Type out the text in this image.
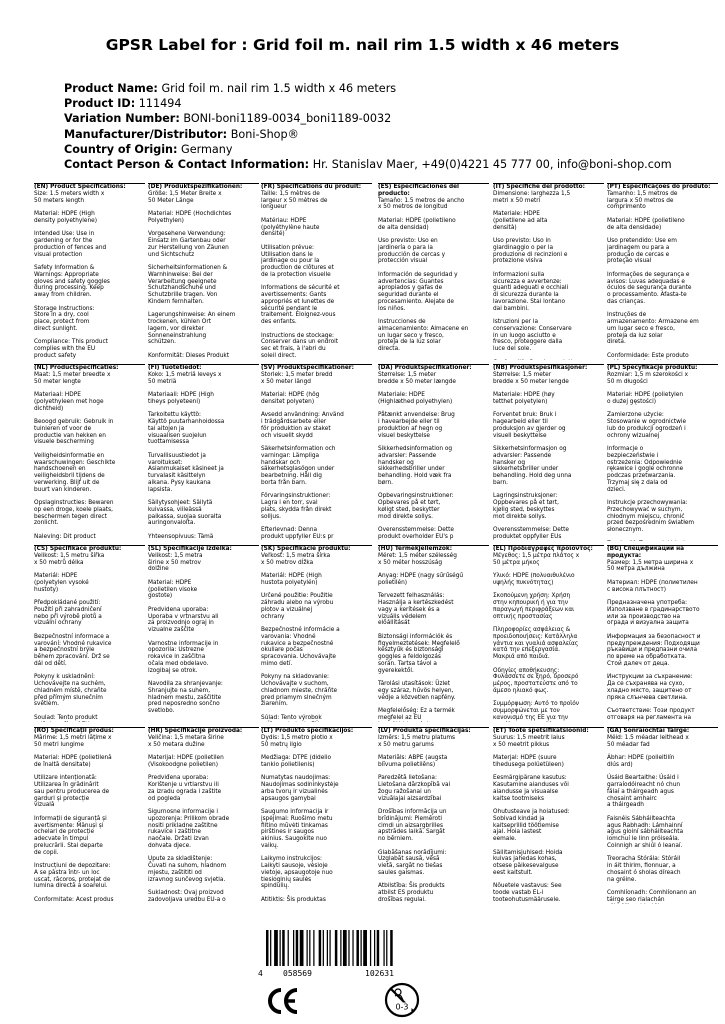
GPSR Label for : Grid foil m. nail rim 1.5 width x 46 meters
Product Name: Grid foil m. nail rim 1.5 width x 46 meters
Product ID: 111494
Variation Number: BONI-boni1189-0034_boni1189-0032
Manufacturer/Distributor: Boni-Shop®
Country of Origin: Germany
Contact Person & Contact Information: Hr. Stanislav Maer, +49(0)4221 45 777 00, info@boni-shop.com
(EN) Product Specifications:

Size: 1.5 meters width x
50 meters length

Material: HDPE (High
density polyethylene)

Intended Use: Use in
gardening or for the
production of fences and
visual protection

Safety Information &
Warnings: Appropriate
gloves and safety goggles
during processing. Keep
away from children.

Storage Instructions:
Store in a dry, cool
place, protect from
direct sunlight.

Compliance: This product
complies with the EU
product safety

(DE) Produktspezifikationen:

Größe: 1,5 Meter Breite x
50 Meter Länge

Material: HDPE (Hochdichtes
Polyethylen)

Vorgesehene Verwendung:
Einsatz im Gartenbau oder
zur Herstellung von Zäunen
und Sichtschutz

Sicherheitsinformationen &
Warnhinweise: Bei der
Verarbeitung geeignete
Schutzhandschuhe und
Schutzbrille tragen. Von
Kindern fernhalten.

Lagerungshinweise: An einem
trockenen, kühlen Ort
lagern, vor direkter
Sonneneinstrahlung
schützen.

Konformität: Dieses Produkt

(FR) Spécifications du produit:

Taille: 1,5 mètres de
largeur x 50 mètres de
longueur

Matériau: HDPE
(polyéthylène haute
densité)

Utilisation prévue:
Utilisation dans le
jardinage ou pour la
production de clôtures et
de la protection visuelle

Informations de sécurité et
avertissements: Gants
appropriés et lunettes de
sécurité pendant le
traitement. Éloignez-vous
des enfants.

Instructions de stockage:
Conserver dans un endroit
sec et frais, à l'abri du
soleil direct.

(ES) Especificaciones del producto:

Tamaño: 1.5 metros de ancho
x 50 metros de longitud

Material: HDPE (polietileno
de alta densidad)

Uso previsto: Uso en
jardinería o para la
producción de cercas y
protección visual

Información de seguridad y
advertencias: Guantes
apropiados y gafas de
seguridad durante el
procesamiento. Alejate de
los niños.

Instrucciones de
almacenamiento: Almacene en
un lugar seco y fresco,
proteja de la luz solar
directa.

(IT) Specifiche del prodotto:

Dimensione: larghezza 1,5
metri x 50 metri

Materiale: HDPE
(polietilene ad alta
densità)

Uso previsto: Uso in
giardinaggio o per la
produzione di recinzioni e
protezione visiva

Informazioni sulla
sicurezza e avvertenze:
guanti adeguati e occhiali
di sicurezza durante la
lavorazione. Stai lontano
dai bambini.

Istruzioni per la
conservazione: Conservare
in un luogo asciutto e
fresco, proteggere dalla
luce del sole.

(PT) Especificações do produto:

Tamanho: 1,5 metros de
largura x 50 metros de
comprimento

Material: HDPE (polietileno
de alta densidade)

Uso pretendido: Use em
jardinagem ou para a
produção de cercas e
proteção visual

Informações de segurança e
avisos: Luvas adequadas e
óculos de segurança durante
o processamento. Afasta-te
das crianças.

Instruções de
armazenamento: Armazene em
um lugar seco e fresco,
proteja da luz solar
direta.

Conformidade: Este produto

(NL) Productspecificaties:

Maat: 1,5 meter breedte x
50 meter lengte

Materiaal: HDPE
(polyethyleen met hoge
dichtheid)

Beoogd gebruik: Gebruik in
tuinieren of voor de
productie van hekken en
visuele bescherming

Veiligheidsinformatie en
waarschuwingen: Geschikte
handschoenen en
veiligheidsbril tijdens de
verwerking. Blijf uit de
buurt van kinderen.

Opslaginstructies: Bewaren
op een droge, koele plaats,
beschermen tegen direct
zonlicht.

Naleving: Dit product

(FI) Tuotetiedot:

Koko: 1,5 metriä leveys x
50 metriä

Materiaali: HDPE (High
tiheys polyeteeni)

Tarkoitettu käyttö:
Käyttö puutarhanhoidossa
tai aitojen ja
visuaalisen suojelun
tuottamisessa

Turvallisuustiedot ja
varoitukset:
Asianmukaiset käsineet ja
turvalasit käsittelyn
aikana. Pysy kaukana
lapsista.

Säilytysohjeet: Säilytä
kuivassa, viileässä
paikassa, suojaa suoralta
auringonvalolta.

Yhteensopivuus: Tämä

(SV) Produktspecifikationer:

Storlek: 1,5 meter bredd
x 50 meter längd

Material: HDPE (hög
densitet polyeten)

Avsedd användning: Använd
i trädgårdsarbete eller
för produktion av staket
och visuellt skydd

Säkerhetsinformation och
varningar: Lämpliga
handskar och
säkerhetsglasögon under
bearbetning. Håll dig
borta från barn.

Förvaringsinstruktioner:
Lagra i en torr, sval
plats, skydda från direkt
solljus.

Efterlevnad: Denna
produkt uppfyller EU:s pr

(DA) Produktspecifikationer:

Størrelse: 1,5 meter
bredde x 50 meter længde

Materiale: HDPE
(Highlæthed polyethylen)

Påtænkt anvendelse: Brug
i havearbejde eller til
produktion af hegn og
visuel beskyttelse

Sikkerhedsinformation og
advarsler: Passende
handsker og
sikkerhedsbriller under
behandling. Hold væk fra
børn.

Opbevaringsinstruktioner:
Opbevares på et tørt,
køligt sted, beskytter
mod direkte sollys.

Overensstemmelse: Dette
produkt overholder EU's p

(NB) Produktspesifikasjoner:

Størrelse: 1,5 meter
bredde x 50 meter lengde

Materiale: HDPE (høy
tetthet polyetylen)

Forventet bruk: Bruk i
hagearbeid eller til
produksjon av gjerder og
visuell beskyttelse

Sikkerhetsinformasjon og
advarsler: Passende
hansker og
sikkerhetsbriller under
behandling. Hold deg unna
barn.

Lagringsinstruksjoner:
Oppbevares på et tørt,
kjølig sted, beskyttes
mot direkte sollys.

Overensstemmelse: Dette
produktet oppfyller EUs

(PL) Specyfikacje produktu:

Rozmiar: 1,5 m szerokości x
50 m długości

Materiał: HDPE (polietylen
o dużej gęstości)

Zamierzone użycie:
Stosowanie w ogrodnictwie
lub do produkcji ogrodzeń i
ochrony wizualnej

Informacje o
bezpieczeństwie i
ostrzeżenia: Odpowiednie
rękawice i gogle ochronne
podczas przetwarzania.
Trzymaj się z dala od
dzieci.

Instrukcje przechowywania:
Przechowywać w suchym,
chłodnym miejscu, chronić
przed bezpośrednim światłem
słonecznym.

(CS) Specifikace produktu:

Velikost: 1,5 metru šířka
x 50 metrů délka

Materiál: HDPE
(polyetylen vysoké
hustoty)

Předpokládané použití:
Použití při zahradničení
nebo při výrobě plotů a
vizuální ochrany

Bezpečnostní informace a
varování: Vhodné rukavice
a bezpečnostní brýle
během zpracování. Drž se
dál od dětí.

Pokyny k uskladnění:
Uchovávejte na suchém,
chladném místě, chraňte
před přímým slunečním
světlem.

Soulad: Tento produkt

(SL) Specifikacije izdelka:

Velikost: 1,5 metra
širine x 50 metrov
dolžine

Material: HDPE
(polietilen visoke
gostote)

Predvidena uporaba:
Uporaba v vrtnarstvu ali
za proizvodnjo ograj in
vizualne zaščite

Varnostne informacije in
opozorila: Ustrezne
rokavice in zaščitna
očala med obdelavo.
Izogibaj se otrok.

Navodila za shranjevanje:
Shranjujte na suhem,
hladnem mestu, zaščitite
pred neposredno sončno
svetlobo.

(SK) Špecifikácie produktu:

Veľkosť: 1,5 metra šírka
x 50 metrov dĺžka

Materiál: HDPE (High
hustota polyetylén)

Určené použitie: Použitie
záhradu alebo na výrobu
plotov a vizuálnej
ochrany

Bezpečnostné informácie a
varovania: Vhodné
rukavice a bezpečnostné
okuliare počas
spracovania. Uchovávajte
mimo detí.

Pokyny na skladovanie:
Uchovávajte v suchom,
chladnom mieste, chráňte
pred priamym slnečným
žiarením.

Súlad: Tento výrobok

(HU) Termékjellemzők:

Méret: 1,5 méter szélesség
x 50 méter hosszúság

Anyag: HDPE (nagy sűrűségű
polietilén)

Tervezett felhasználás:
Használja a kertészkedést
vagy a kerítések és a
vizuális védelem
előállítását

Biztonsági információk és
figyelmeztetések: Megfelelő
kesztyűk és biztonsági
goggles a feldolgozás
során. Tartsa távol a
gyerekektől.

Tárolási utasítások: Üzlet
egy száraz, hűvös helyen,
védje a közvetlen napfény.

Megfelelőség: Ez a termék
megfelel az EU

(EL) Προδιαγραφές προϊόντος:

Μέγεθος: 1,5 μέτρα πλάτος x
50 μέτρα μήκος

Υλικό: HDPE (πολυαιθυλένιο
υψηλής πυκνότητας)

Σκοπούμενη χρήση: Χρήση
στην κηπουρική ή για την
παραγωγή περιφράξεων και
οπτικής προστασίας

Πληροφορίες ασφάλειας &
προειδοποιήσεις: Κατάλληλα
γάντια και γυαλιά ασφαλείας
κατά την επεξεργασία.
Μακριά από παιδιά.

Οδηγίες αποθήκευσης:
Φυλάσσετε σε ξηρό, δροσερό
μέρος, προστατεύστε από το
άμεσο ηλιακό φως.

Συμμόρφωση: Αυτό το προϊόν
συμμορφώνεται με τον
κανονισμό της ΕΕ για την

(BG) Спецификации на продукта:

Размер: 1,5 метра ширина x
50 метра дължина

Материал: HDPE (полиетилен
с висока плътност)

Предназначена употреба:
Използване в градинарството
или за производство на
ограда и визуална защита

Информация за безопасност и
предупреждения: Подходящи
ръкавици и предпазни очила
по време на обработката.
Стой далеч от деца.

Инструкции за съхранение:
Да се съхранява на сухо,
хладно място, защитено от
пряка слънчева светлина.

Съответствие: Този продукт
отговаря на регламента на

(RO) Specificații produs:

Mărime: 1,5 metri lățime x
50 metri lungime

Material: HDPE (polietilenă
de înaltă densitate)

Utilizare intenționată:
Utilizarea în grădinărit
sau pentru producerea de
garduri și protecție
vizuală

Informații de siguranță și
avertismente: Mănuși și
ochelari de protecție
adecvate în timpul
prelucrării. Stai departe
de copii.

Instrucțiuni de depozitare:
A se păstra într- un loc
uscat, răcoros, protejat de
lumina directă a soarelui.

Conformitate: Acest produs

(HR) Specifikacije proizvoda:

Veličina: 1,5 metara širine
x 50 metara dužine

Materijal: HDPE (polietilen
(Visokoodgne polietilen)

Predviđena uporaba:
Korištenje u vrtlarstvu ili
za izradu ograda i zaštite
od pogleda

Sigurnosne informacije i
upozorenja: Prilikom obrade
nositi prikladne zaštitne
rukavice i zaštitne
naočale. Držati izvan
dohvata djece.

Upute za skladištenje:
Čuvati na suhom, hladnom
mjestu, zaštititi od
izravnog sunčevog svjetla.

Sukladnost: Ovaj proizvod
zadovoljava uredbu EU-a o

(LT) Produkto specifikacijos:

Dydis: 1,5 metro plotio x
50 metrų ilgio

Medžiaga: DTPE (didelio
tankio polietilenis)

Numatytas naudojimas:
Naudojimas sodininkystėje
arba tvorų ir vizualinės
apsaugos gamybai

Saugumo informacija ir
įspėjimai: Ruošimo metu
filtino mūvėti tinkamas
pirštines ir saugos
akinius. Saugokite nuo
vaikų.

Laikymo instrukcijos:
Laikyti sausoje, vėsioje
vietoje, apsaugotoje nuo
tiesioginių saulės
spindulių.

Atitiktis: Šis produktas

(LV) Produkta specifikācijas:

Izmērs: 1,5 metru platums
x 50 metru garums

Materiāls: ABPE (augsta
blīvuma polietilēns)

Paredzētā lietošana:
Lietošana dārzkopībā vai
žogu ražošanai un
vizuālajai aizsardzībai

Drošības informācija un
brīdinājumi: Piemēroti
cimdi un aizsargbrilles
apstrādes laikā. Sargāt
no bērniem.

Glabāšanas norādījumi:
Uzglabāt sausā, vēsā
vietā, sargāt no tiešas
saules gaismas.

Atbilstība: Šis produkts
atbilst ES produktu
drošības regulai.

(ET) Toote spetsifikatsioonid:

Suurus: 1,5 meetrit laius
x 50 meetrit pikkus

Materjal: HDPE (suure
tihedusega polüetüleen)

Eesmärgipärane kasutus:
Kasutamine aianduses või
aiandusse ja visuaalse
kaitse tootmiseks

Ohutusteave ja hoiatused:
Sobivad kindad ja
kaitseprillid töötlemise
ajal. Hoia lastest
eemale.

Säilitamisjuhised: Hoida
kuivas jahedas kohas,
otsese päikesevalguse
eest kaitstult.

Nõuetele vastavus: See
toode vastab EL-i
tooteohutusmäärusele.

(GA) Sonraíochtaí Táirge:

Méid: 1.5 méadar leithead x
50 méadar fad

Ábhar: HDPE (poileitilín
dlús ard)

Úsáid Beartaithe: Úsáid i
garraíodóireacht nó chun
fálaí a tháirgeadh agus
chosaint amhairc
a tháirgeadh

Faisnéis Sábháilteachta
agus Rabhadh: Lámhainní
agus gloiní sábháilteachta
iomchuí le linn próiseála.
Coinnigh ar shiúl ó leanaí.

Treoracha Stórála: Stóráil
in áit thirim, fionnuar, a
chosaint ó sholas díreach
na gréine.

Comhlíonadh: Comhlíonann an
táirge seo rialachán

4	058569	102631
0-3
